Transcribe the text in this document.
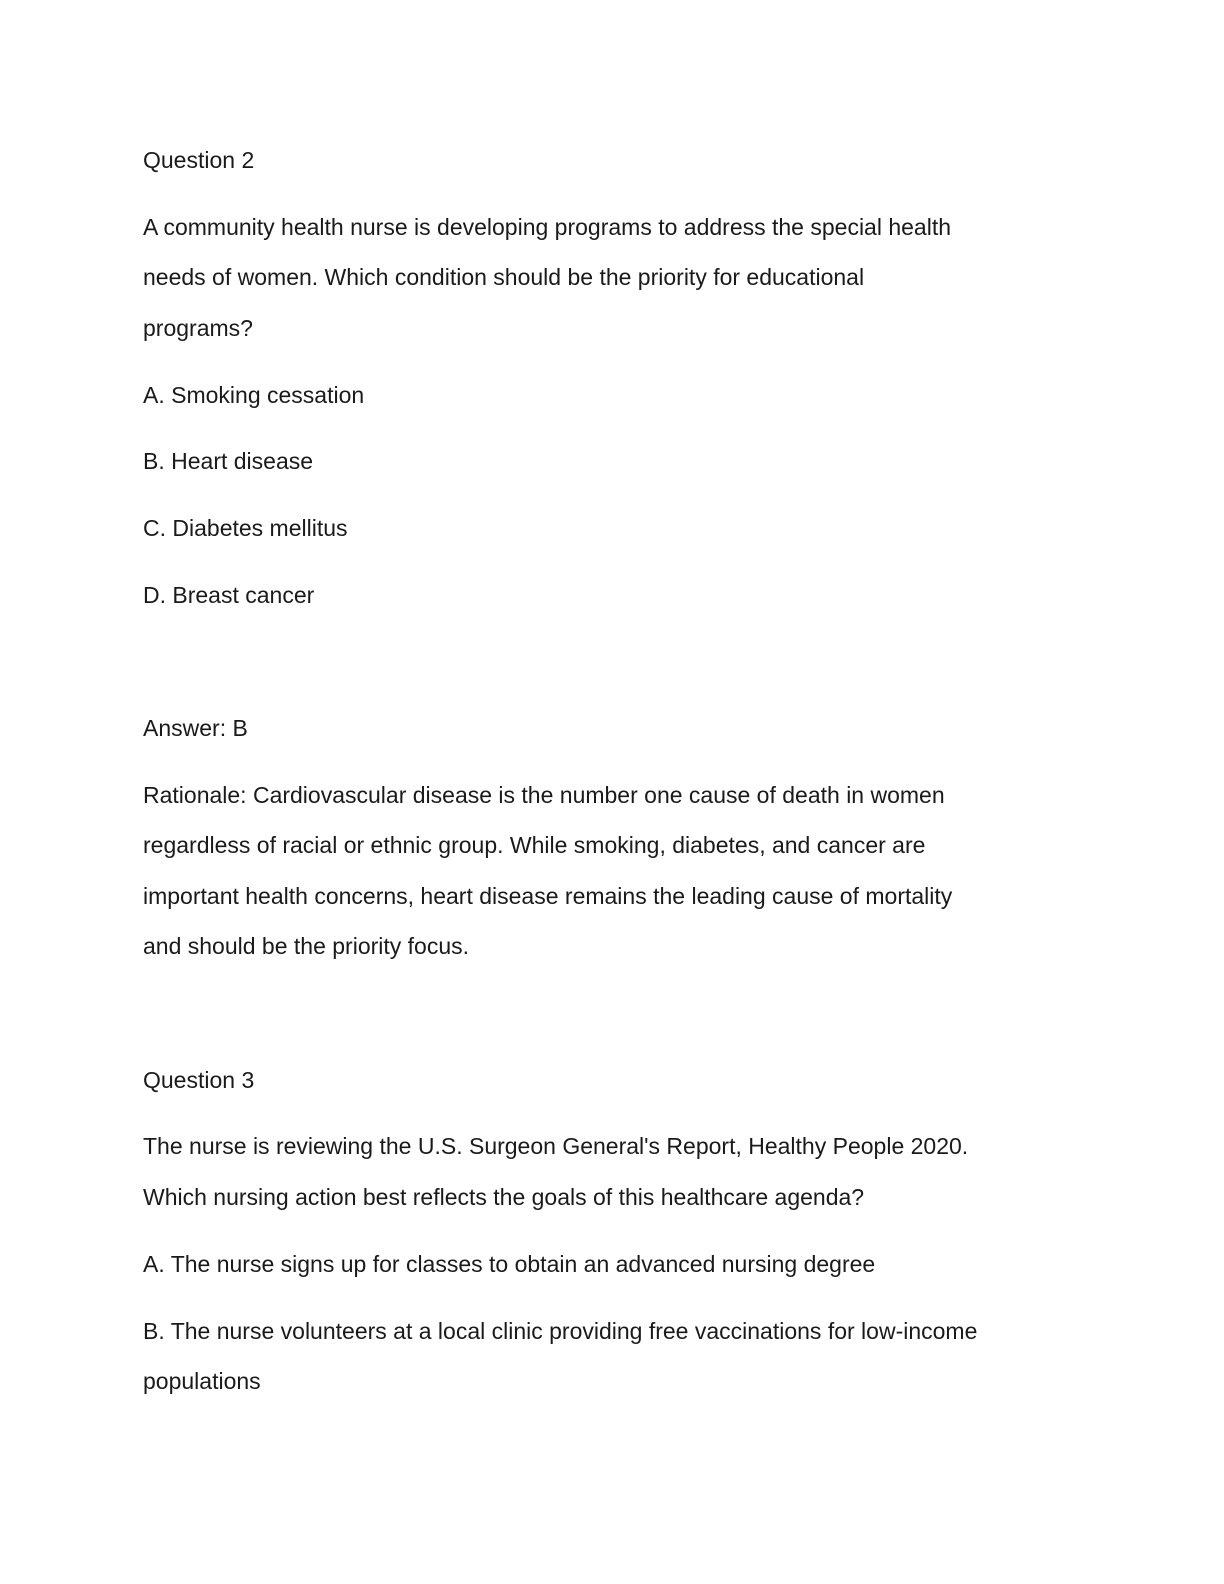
Question 2
A community health nurse is developing programs to address the special health
needs of women. Which condition should be the priority for educational
programs?
A. Smoking cessation
B. Heart disease
C. Diabetes mellitus
D. Breast cancer
Answer: B
Rationale: Cardiovascular disease is the number one cause of death in women
regardless of racial or ethnic group. While smoking, diabetes, and cancer are
important health concerns, heart disease remains the leading cause of mortality
and should be the priority focus.
Question 3
The nurse is reviewing the U.S. Surgeon General's Report, Healthy People 2020.
Which nursing action best reflects the goals of this healthcare agenda?
A. The nurse signs up for classes to obtain an advanced nursing degree
B. The nurse volunteers at a local clinic providing free vaccinations for low-income
populations
